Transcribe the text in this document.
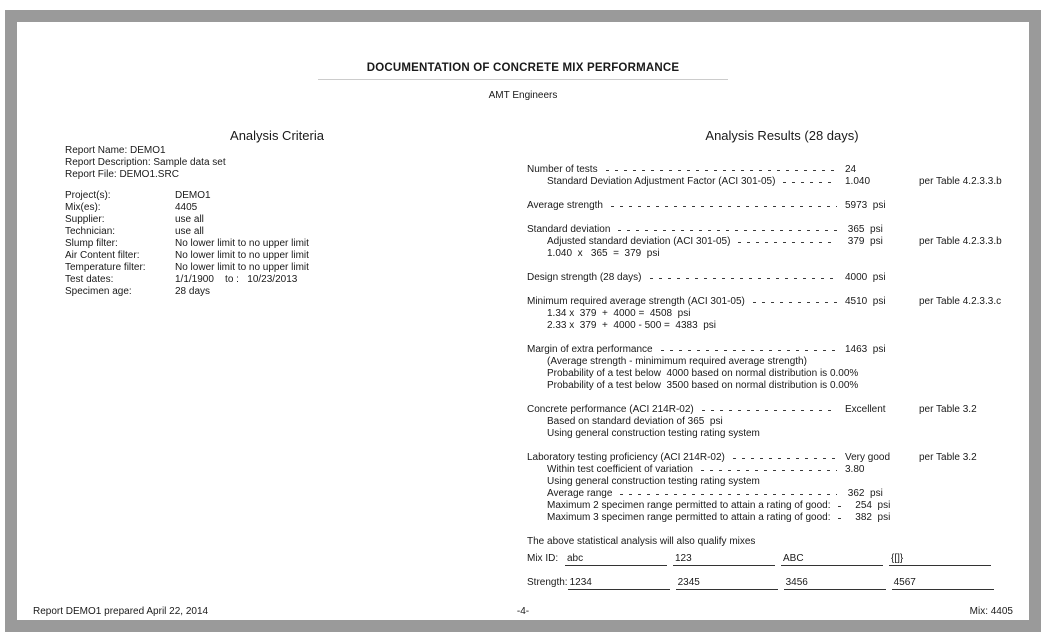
DOCUMENTATION OF CONCRETE MIX PERFORMANCE
AMT Engineers
Analysis Criteria	Analysis Results (28 days)
Report Name: DEMO1
Report Description: Sample data set
Report File: DEMO1.SRC
Project(s):	DEMO1
Mix(es):	4405
Supplier:	use all
Technician:	use all
Slump filter:	No lower limit to no upper limit
Air Content filter:	No lower limit to no upper limit
Temperature filter:	No lower limit to no upper limit
Test dates:	1/1/1900    to :   10/23/2013
Specimen age:	28 days
Number of tests	24
Standard Deviation Adjustment Factor (ACI 301-05)	1.040	per Table 4.2.3.3.b
Average strength	5973  psi
Standard deviation	365  psi
Adjusted standard deviation (ACI 301-05)	379  psi	per Table 4.2.3.3.b
1.040  x   365  =  379  psi
Design strength (28 days)	4000  psi
Minimum required average strength (ACI 301-05)	4510  psi	per Table 4.2.3.3.c
1.34 x  379  +  4000 =  4508  psi
2.33 x  379  +  4000 - 500 =  4383  psi
Margin of extra performance	1463  psi
(Average strength - minimimum required average strength)
Probability of a test below  4000 based on normal distribution is 0.00%
Probability of a test below  3500 based on normal distribution is 0.00%
Concrete performance (ACI 214R-02)	Excellent	per Table 3.2
Based on standard deviation of 365  psi
Using general construction testing rating system
Laboratory testing proficiency (ACI 214R-02)	Very good	per Table 3.2
Within test coefficient of variation	3.80
Using general construction testing rating system
Average range	362  psi
Maximum 2 specimen range permitted to attain a rating of good: 254  psi
Maximum 3 specimen range permitted to attain a rating of good: 382  psi
The above statistical analysis will also qualify mixes
Mix ID: abc	123	ABC	{[]}
Strength: 1234	2345	3456	4567
Report DEMO1 prepared April 22, 2014	-4-	Mix: 4405
